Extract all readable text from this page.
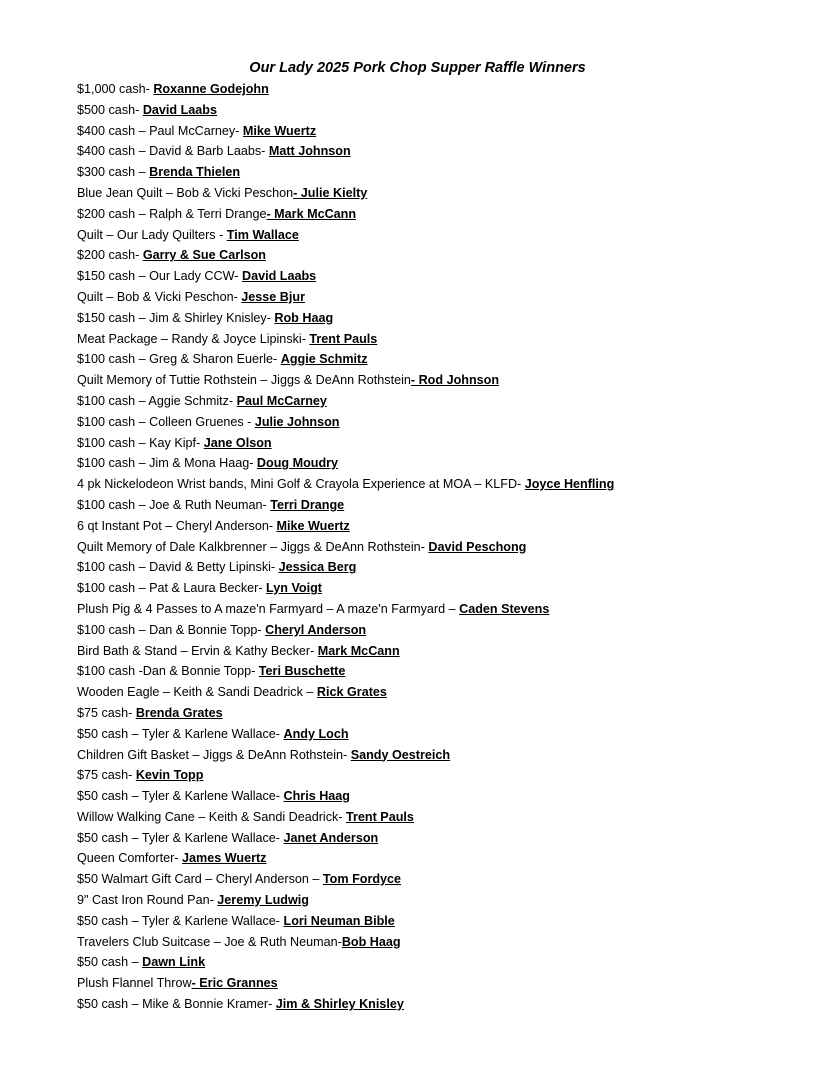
Our Lady 2025 Pork Chop Supper Raffle Winners
$1,000 cash- Roxanne Godejohn
$500 cash- David Laabs
$400 cash – Paul McCarney- Mike Wuertz
$400 cash – David & Barb Laabs- Matt Johnson
$300 cash – Brenda Thielen
Blue Jean Quilt – Bob & Vicki Peschon- Julie Kielty
$200 cash – Ralph & Terri Drange- Mark McCann
Quilt – Our Lady Quilters - Tim Wallace
$200 cash- Garry & Sue Carlson
$150 cash – Our Lady CCW- David Laabs
Quilt – Bob & Vicki Peschon- Jesse Bjur
$150 cash – Jim & Shirley Knisley- Rob Haag
Meat Package – Randy & Joyce Lipinski- Trent Pauls
$100 cash – Greg & Sharon Euerle- Aggie Schmitz
Quilt Memory of Tuttie Rothstein – Jiggs & DeAnn Rothstein- Rod Johnson
$100 cash – Aggie Schmitz- Paul McCarney
$100 cash – Colleen Gruenes - Julie Johnson
$100 cash – Kay Kipf- Jane Olson
$100 cash – Jim & Mona Haag- Doug Moudry
4 pk Nickelodeon Wrist bands, Mini Golf & Crayola Experience at MOA – KLFD- Joyce Henfling
$100 cash – Joe & Ruth Neuman- Terri Drange
6 qt Instant Pot – Cheryl Anderson- Mike Wuertz
Quilt Memory of Dale Kalkbrenner – Jiggs & DeAnn Rothstein- David Peschong
$100 cash – David & Betty Lipinski- Jessica Berg
$100 cash – Pat & Laura Becker- Lyn Voigt
Plush Pig & 4 Passes to A maze'n Farmyard – A maze'n Farmyard – Caden Stevens
$100 cash – Dan & Bonnie Topp- Cheryl Anderson
Bird Bath & Stand – Ervin & Kathy Becker- Mark McCann
$100 cash -Dan & Bonnie Topp- Teri Buschette
Wooden Eagle – Keith & Sandi Deadrick – Rick Grates
$75 cash- Brenda Grates
$50 cash – Tyler & Karlene Wallace- Andy Loch
Children Gift Basket – Jiggs & DeAnn Rothstein- Sandy Oestreich
$75 cash- Kevin Topp
$50 cash – Tyler & Karlene Wallace- Chris Haag
Willow Walking Cane – Keith & Sandi Deadrick- Trent Pauls
$50 cash – Tyler & Karlene Wallace- Janet Anderson
Queen Comforter- James Wuertz
$50 Walmart Gift Card – Cheryl Anderson – Tom Fordyce
9" Cast Iron Round Pan- Jeremy Ludwig
$50 cash – Tyler & Karlene Wallace- Lori Neuman Bible
Travelers Club Suitcase – Joe & Ruth Neuman-Bob Haag
$50 cash – Dawn Link
Plush Flannel Throw- Eric Grannes
$50 cash – Mike & Bonnie Kramer- Jim & Shirley Knisley
